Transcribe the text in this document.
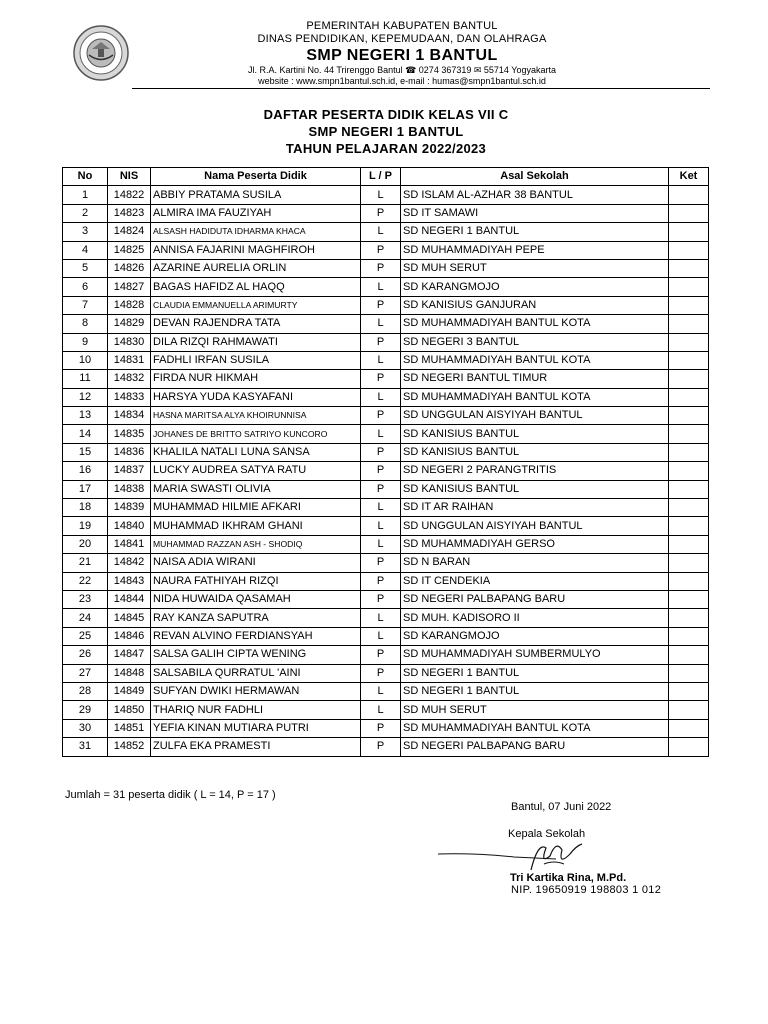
PEMERINTAH KABUPATEN BANTUL
DINAS PENDIDIKAN, KEPEMUDAAN, DAN OLAHRAGA
SMP NEGERI 1 BANTUL
Jl. R.A. Kartini No. 44 Trirenggo Bantul ☎ 0274 367319 ✉ 55714 Yogyakarta
website : www.smpn1bantul.sch.id, e-mail : humas@smpn1bantul.sch.id
DAFTAR PESERTA DIDIK KELAS VII C
SMP NEGERI 1 BANTUL
TAHUN PELAJARAN 2022/2023
No	NIS	Nama Peserta Didik	L / P	Asal Sekolah	Ket
1	14822	ABBIY PRATAMA SUSILA	L	SD ISLAM AL-AZHAR 38 BANTUL	
2	14823	ALMIRA IMA FAUZIYAH	P	SD IT SAMAWI	
3	14824	ALSASH HADIDUTA IDHARMA KHACA	L	SD NEGERI 1 BANTUL	
4	14825	ANNISA FAJARINI MAGHFIROH	P	SD MUHAMMADIYAH PEPE	
5	14826	AZARINE AURELIA ORLIN	P	SD MUH SERUT	
6	14827	BAGAS HAFIDZ AL HAQQ	L	SD KARANGMOJO	
7	14828	CLAUDIA EMMANUELLA ARIMURTY	P	SD KANISIUS GANJURAN	
8	14829	DEVAN RAJENDRA TATA	L	SD MUHAMMADIYAH BANTUL KOTA	
9	14830	DILA RIZQI RAHMAWATI	P	SD NEGERI 3 BANTUL	
10	14831	FADHLI IRFAN SUSILA	L	SD MUHAMMADIYAH BANTUL KOTA	
11	14832	FIRDA NUR HIKMAH	P	SD NEGERI BANTUL TIMUR	
12	14833	HARSYA YUDA KASYAFANI	L	SD MUHAMMADIYAH BANTUL KOTA	
13	14834	HASNA MARITSA ALYA KHOIRUNNISA	P	SD UNGGULAN AISYIYAH BANTUL	
14	14835	JOHANES DE BRITTO SATRIYO KUNCORO	L	SD KANISIUS BANTUL	
15	14836	KHALILA NATALI LUNA SANSA	P	SD KANISIUS BANTUL	
16	14837	LUCKY AUDREA SATYA RATU	P	SD NEGERI 2 PARANGTRITIS	
17	14838	MARIA SWASTI OLIVIA	P	SD KANISIUS BANTUL	
18	14839	MUHAMMAD HILMIE AFKARI	L	SD IT AR RAIHAN	
19	14840	MUHAMMAD IKHRAM GHANI	L	SD UNGGULAN AISYIYAH BANTUL	
20	14841	MUHAMMAD RAZZAN ASH - SHODIQ	L	SD MUHAMMADIYAH GERSO	
21	14842	NAISA ADIA WIRANI	P	SD N BARAN	
22	14843	NAURA FATHIYAH RIZQI	P	SD IT CENDEKIA	
23	14844	NIDA HUWAIDA QASAMAH	P	SD NEGERI PALBAPANG BARU	
24	14845	RAY KANZA SAPUTRA	L	SD MUH. KADISORO II	
25	14846	REVAN ALVINO FERDIANSYAH	L	SD KARANGMOJO	
26	14847	SALSA GALIH CIPTA WENING	P	SD MUHAMMADIYAH SUMBERMULYO	
27	14848	SALSABILA QURRATUL 'AINI	P	SD NEGERI 1 BANTUL	
28	14849	SUFYAN DWIKI HERMAWAN	L	SD NEGERI 1 BANTUL	
29	14850	THARIQ NUR FADHLI	L	SD MUH SERUT	
30	14851	YEFIA KINAN MUTIARA PUTRI	P	SD MUHAMMADIYAH BANTUL KOTA	
31	14852	ZULFA EKA PRAMESTI	P	SD NEGERI PALBAPANG BARU	
Jumlah = 31 peserta didik ( L = 14, P = 17 )
Bantul, 07 Juni 2022
Kepala Sekolah
Tri Kartika Rina, M.Pd.
NIP. 19650919 198803 1 012
